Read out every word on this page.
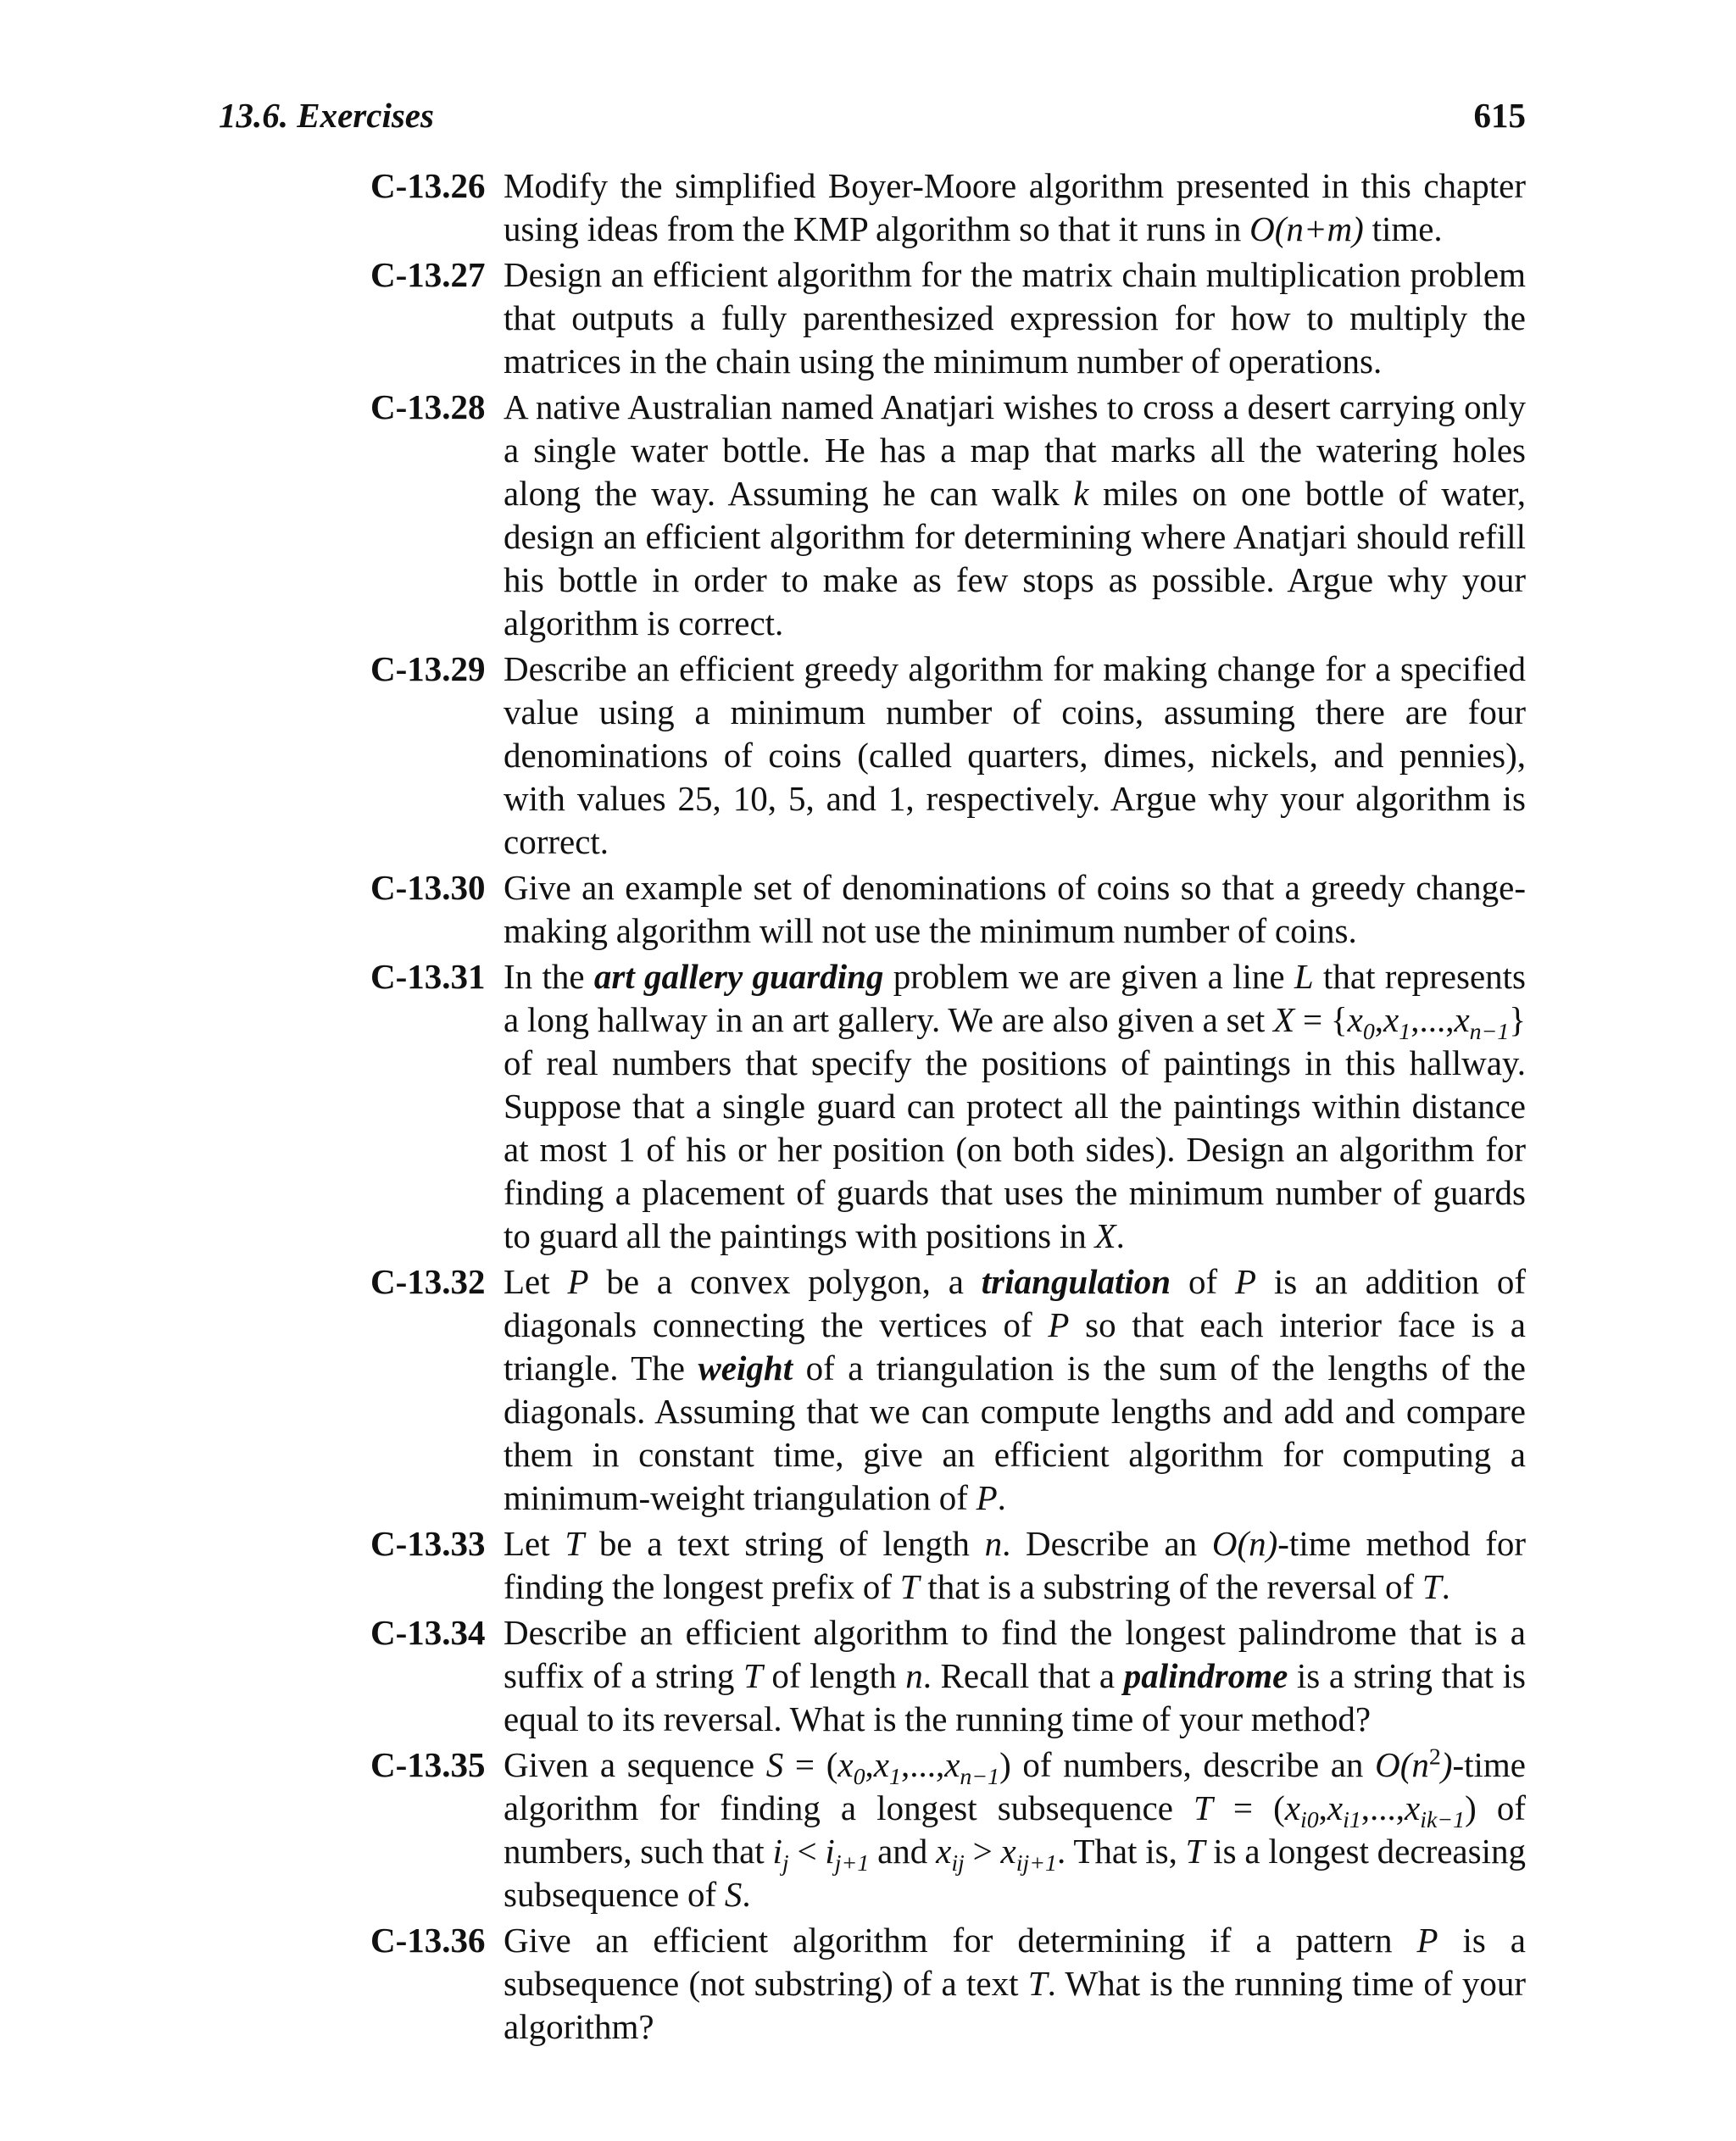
13.6. Exercises	615
C-13.26 Modify the simplified Boyer-Moore algorithm presented in this chapter using ideas from the KMP algorithm so that it runs in O(n+m) time.
C-13.27 Design an efficient algorithm for the matrix chain multiplication problem that outputs a fully parenthesized expression for how to multiply the matrices in the chain using the minimum number of operations.
C-13.28 A native Australian named Anatjari wishes to cross a desert carrying only a single water bottle. He has a map that marks all the watering holes along the way. Assuming he can walk k miles on one bottle of water, design an efficient algorithm for determining where Anatjari should refill his bottle in order to make as few stops as possible. Argue why your algorithm is correct.
C-13.29 Describe an efficient greedy algorithm for making change for a specified value using a minimum number of coins, assuming there are four denominations of coins (called quarters, dimes, nickels, and pennies), with values 25, 10, 5, and 1, respectively. Argue why your algorithm is correct.
C-13.30 Give an example set of denominations of coins so that a greedy change-making algorithm will not use the minimum number of coins.
C-13.31 In the art gallery guarding problem we are given a line L that represents a long hallway in an art gallery. We are also given a set $X = \{x_0,x_1,...,x_{n-1}\}$ of real numbers that specify the positions of paintings in this hallway. Suppose that a single guard can protect all the paintings within distance at most 1 of his or her position (on both sides). Design an algorithm for finding a placement of guards that uses the minimum number of guards to guard all the paintings with positions in X.
C-13.32 Let P be a convex polygon, a triangulation of P is an addition of diagonals connecting the vertices of P so that each interior face is a triangle. The weight of a triangulation is the sum of the lengths of the diagonals. Assuming that we can compute lengths and add and compare them in constant time, give an efficient algorithm for computing a minimum-weight triangulation of P.
C-13.33 Let T be a text string of length n. Describe an O(n)-time method for finding the longest prefix of T that is a substring of the reversal of T.
C-13.34 Describe an efficient algorithm to find the longest palindrome that is a suffix of a string T of length n. Recall that a palindrome is a string that is equal to its reversal. What is the running time of your method?
C-13.35 Given a sequence $S = (x_0,x_1,...,x_{n-1})$ of numbers, describe an $O(n^2)$-time algorithm for finding a longest subsequence $T = (x_{i0},x_{i1},...,x_{ik-1})$ of numbers, such that $i_j < i_{j+1}$ and $x_{ij} > x_{ij+1}$. That is, T is a longest decreasing subsequence of S.
C-13.36 Give an efficient algorithm for determining if a pattern P is a subsequence (not substring) of a text T. What is the running time of your algorithm?
